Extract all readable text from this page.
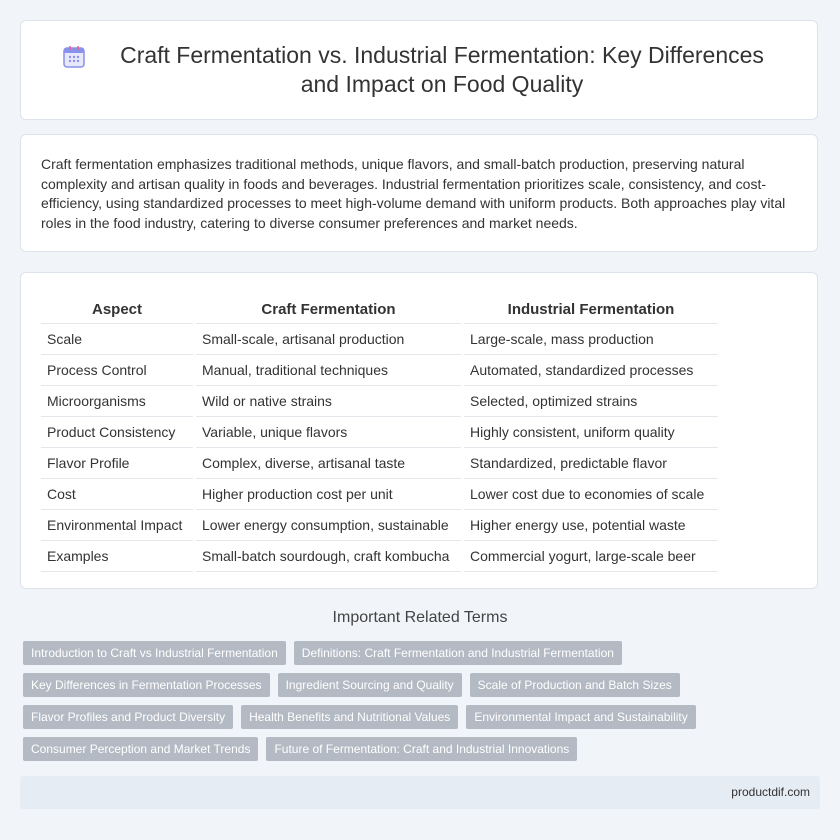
Craft Fermentation vs. Industrial Fermentation: Key Differences and Impact on Food Quality

Craft fermentation emphasizes traditional methods, unique flavors, and small-batch production, preserving natural complexity and artisan quality in foods and beverages. Industrial fermentation prioritizes scale, consistency, and cost-efficiency, using standardized processes to meet high-volume demand with uniform products. Both approaches play vital roles in the food industry, catering to diverse consumer preferences and market needs.

Aspect	Craft Fermentation	Industrial Fermentation
Scale	Small-scale, artisanal production	Large-scale, mass production
Process Control	Manual, traditional techniques	Automated, standardized processes
Microorganisms	Wild or native strains	Selected, optimized strains
Product Consistency	Variable, unique flavors	Highly consistent, uniform quality
Flavor Profile	Complex, diverse, artisanal taste	Standardized, predictable flavor
Cost	Higher production cost per unit	Lower cost due to economies of scale
Environmental Impact	Lower energy consumption, sustainable	Higher energy use, potential waste
Examples	Small-batch sourdough, craft kombucha	Commercial yogurt, large-scale beer
Important Related Terms
Introduction to Craft vs Industrial Fermentation	Definitions: Craft Fermentation and Industrial Fermentation
Key Differences in Fermentation Processes	Ingredient Sourcing and Quality	Scale of Production and Batch Sizes
Flavor Profiles and Product Diversity	Health Benefits and Nutritional Values	Environmental Impact and Sustainability
Consumer Perception and Market Trends	Future of Fermentation: Craft and Industrial Innovations
productdif.com
